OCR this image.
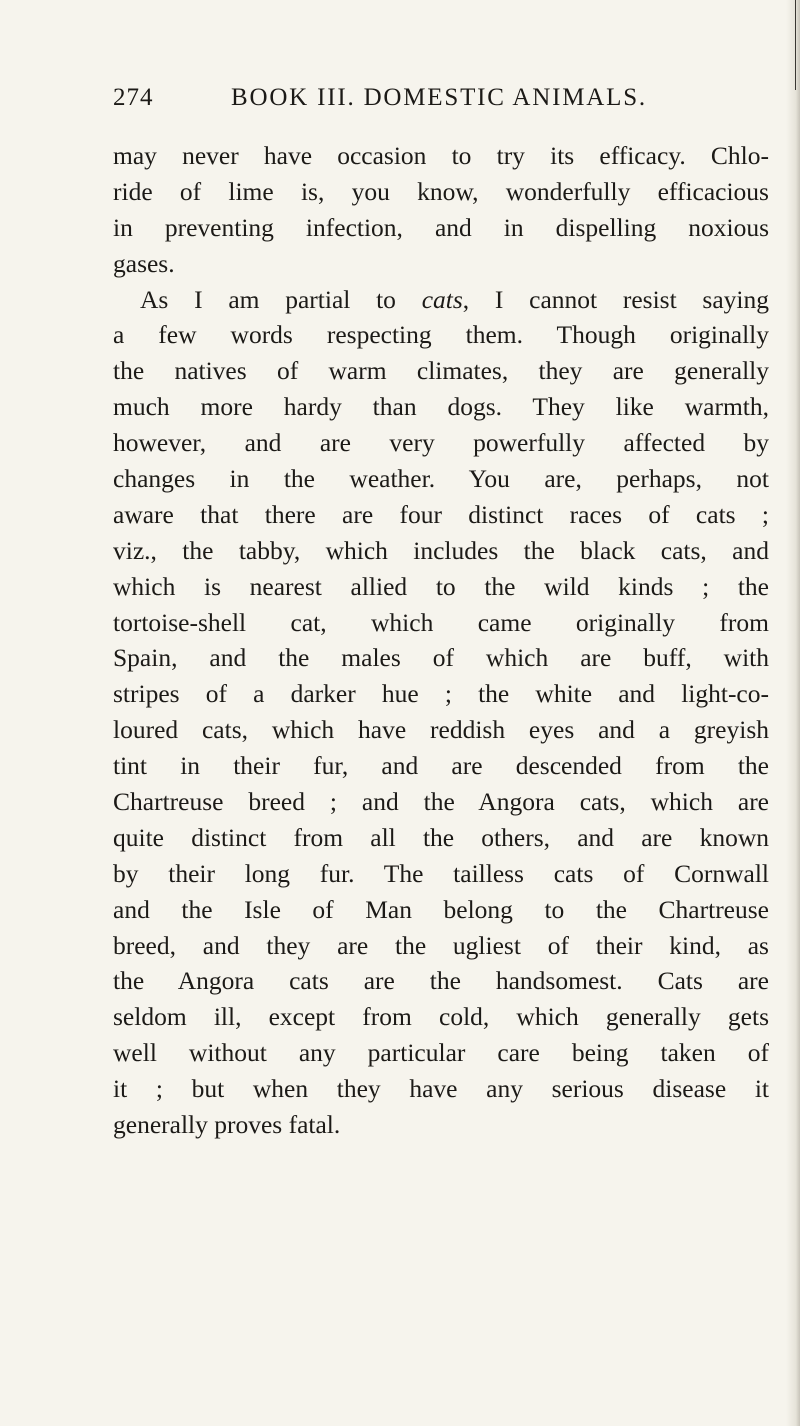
274	BOOK III. DOMESTIC ANIMALS.
may never have occasion to try its efficacy. Chlo-
ride of lime is, you know, wonderfully efficacious
in preventing infection, and in dispelling noxious
gases.
As I am partial to cats, I cannot resist saying
a few words respecting them. Though originally
the natives of warm climates, they are generally
much more hardy than dogs. They like warmth,
however, and are very powerfully affected by
changes in the weather. You are, perhaps, not
aware that there are four distinct races of cats ;
viz., the tabby, which includes the black cats, and
which is nearest allied to the wild kinds ; the
tortoise-shell cat, which came originally from
Spain, and the males of which are buff, with
stripes of a darker hue ; the white and light-co-
loured cats, which have reddish eyes and a greyish
tint in their fur, and are descended from the
Chartreuse breed ; and the Angora cats, which are
quite distinct from all the others, and are known
by their long fur. The tailless cats of Cornwall
and the Isle of Man belong to the Chartreuse
breed, and they are the ugliest of their kind, as
the Angora cats are the handsomest. Cats are
seldom ill, except from cold, which generally gets
well without any particular care being taken of
it ; but when they have any serious disease it
generally proves fatal.
